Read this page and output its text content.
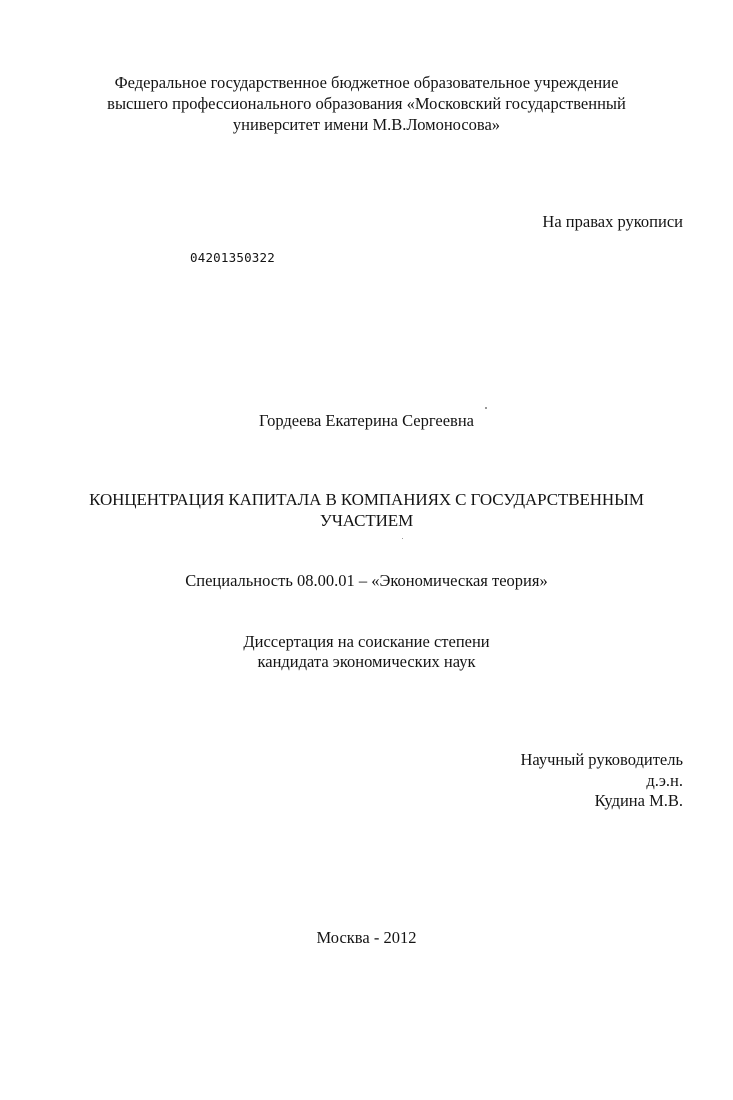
Федеральное государственное бюджетное образовательное учреждение
высшего профессионального образования «Московский государственный
университет имени М.В.Ломоносова»
На правах рукописи
04201350322
Гордеева Екатерина Сергеевна
КОНЦЕНТРАЦИЯ КАПИТАЛА В КОМПАНИЯХ С ГОСУДАРСТВЕННЫМ
УЧАСТИЕМ
Специальность 08.00.01 – «Экономическая теория»
Диссертация на соискание степени
кандидата экономических наук
Научный руководитель
д.э.н.
Кудина М.В.
Москва - 2012
